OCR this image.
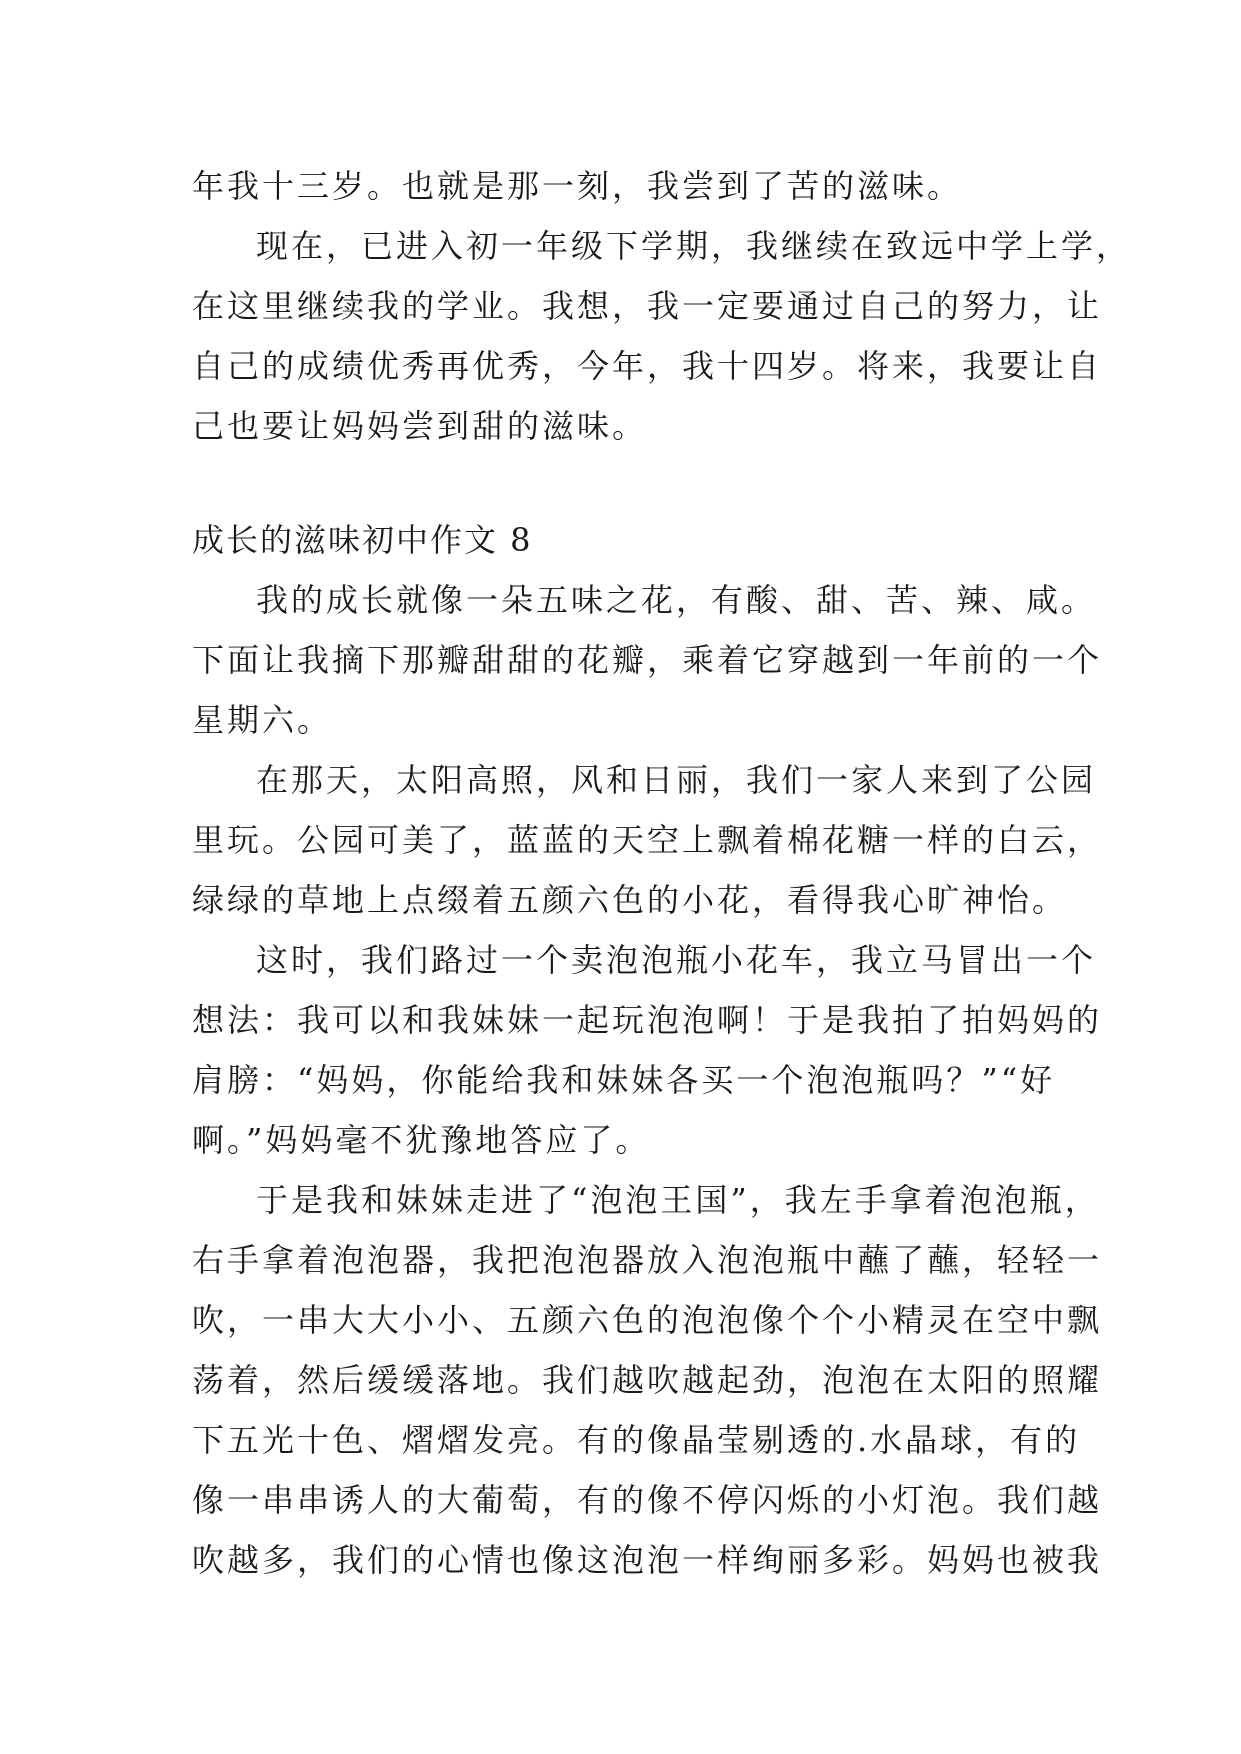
年我十三岁。也就是那一刻，我尝到了苦的滋味。
现在，已进入初一年级下学期，我继续在致远中学上学，
在这里继续我的学业。我想，我一定要通过自己的努力，让
自己的成绩优秀再优秀，今年，我十四岁。将来，我要让自
己也要让妈妈尝到甜的滋味。
成长的滋味初中作文 8
我的成长就像一朵五味之花，有酸、甜、苦、辣、咸。
下面让我摘下那瓣甜甜的花瓣，乘着它穿越到一年前的一个
星期六。
在那天，太阳高照，风和日丽，我们一家人来到了公园
里玩。公园可美了，蓝蓝的天空上飘着棉花糖一样的白云，
绿绿的草地上点缀着五颜六色的小花，看得我心旷神怡。
这时，我们路过一个卖泡泡瓶小花车，我立马冒出一个
想法：我可以和我妹妹一起玩泡泡啊！于是我拍了拍妈妈的
肩膀：“妈妈，你能给我和妹妹各买一个泡泡瓶吗？”“好
啊。”妈妈毫不犹豫地答应了。
于是我和妹妹走进了“泡泡王国”，我左手拿着泡泡瓶，
右手拿着泡泡器，我把泡泡器放入泡泡瓶中蘸了蘸，轻轻一
吹，一串大大小小、五颜六色的泡泡像个个小精灵在空中飘
荡着，然后缓缓落地。我们越吹越起劲，泡泡在太阳的照耀
下五光十色、熠熠发亮。有的像晶莹剔透的.水晶球，有的
像一串串诱人的大葡萄，有的像不停闪烁的小灯泡。我们越
吹越多，我们的心情也像这泡泡一样绚丽多彩。妈妈也被我
